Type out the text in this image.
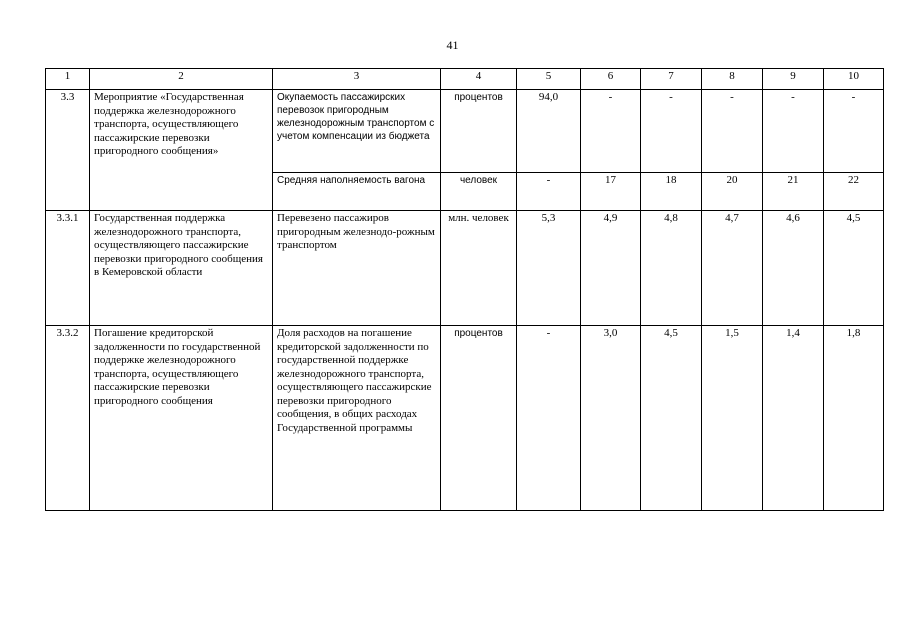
41
1	2	3	4	5	6	7	8	9	10
3.3	Мероприятие «Государственная поддержка железнодорожного транспорта, осуществляющего пассажирские перевозки пригородного сообщения»	Окупаемость пассажирских перевозок пригородным железнодорожным транспортом с учетом компенсации из бюджета	процентов	94,0	-	-	-	-	-
		Средняя наполняемость вагона	человек	-	17	18	20	21	22
3.3.1	Государственная поддержка железнодорожного транспорта, осуществляющего пассажирские перевозки пригородного сообщения в Кемеровской области	Перевезено пассажиров пригородным железнодо-рожным транспортом	млн. человек	5,3	4,9	4,8	4,7	4,6	4,5
3.3.2	Погашение кредиторской задолженности по государственной поддержке железнодорожного транспорта, осуществляющего пассажирские перевозки пригородного сообщения	Доля расходов на погашение кредиторской задолженности по государственной поддержке железнодорожного транспорта, осуществляющего пассажирские перевозки пригородного сообщения, в общих расходах Государственной программы	процентов	-	3,0	4,5	1,5	1,4	1,8
